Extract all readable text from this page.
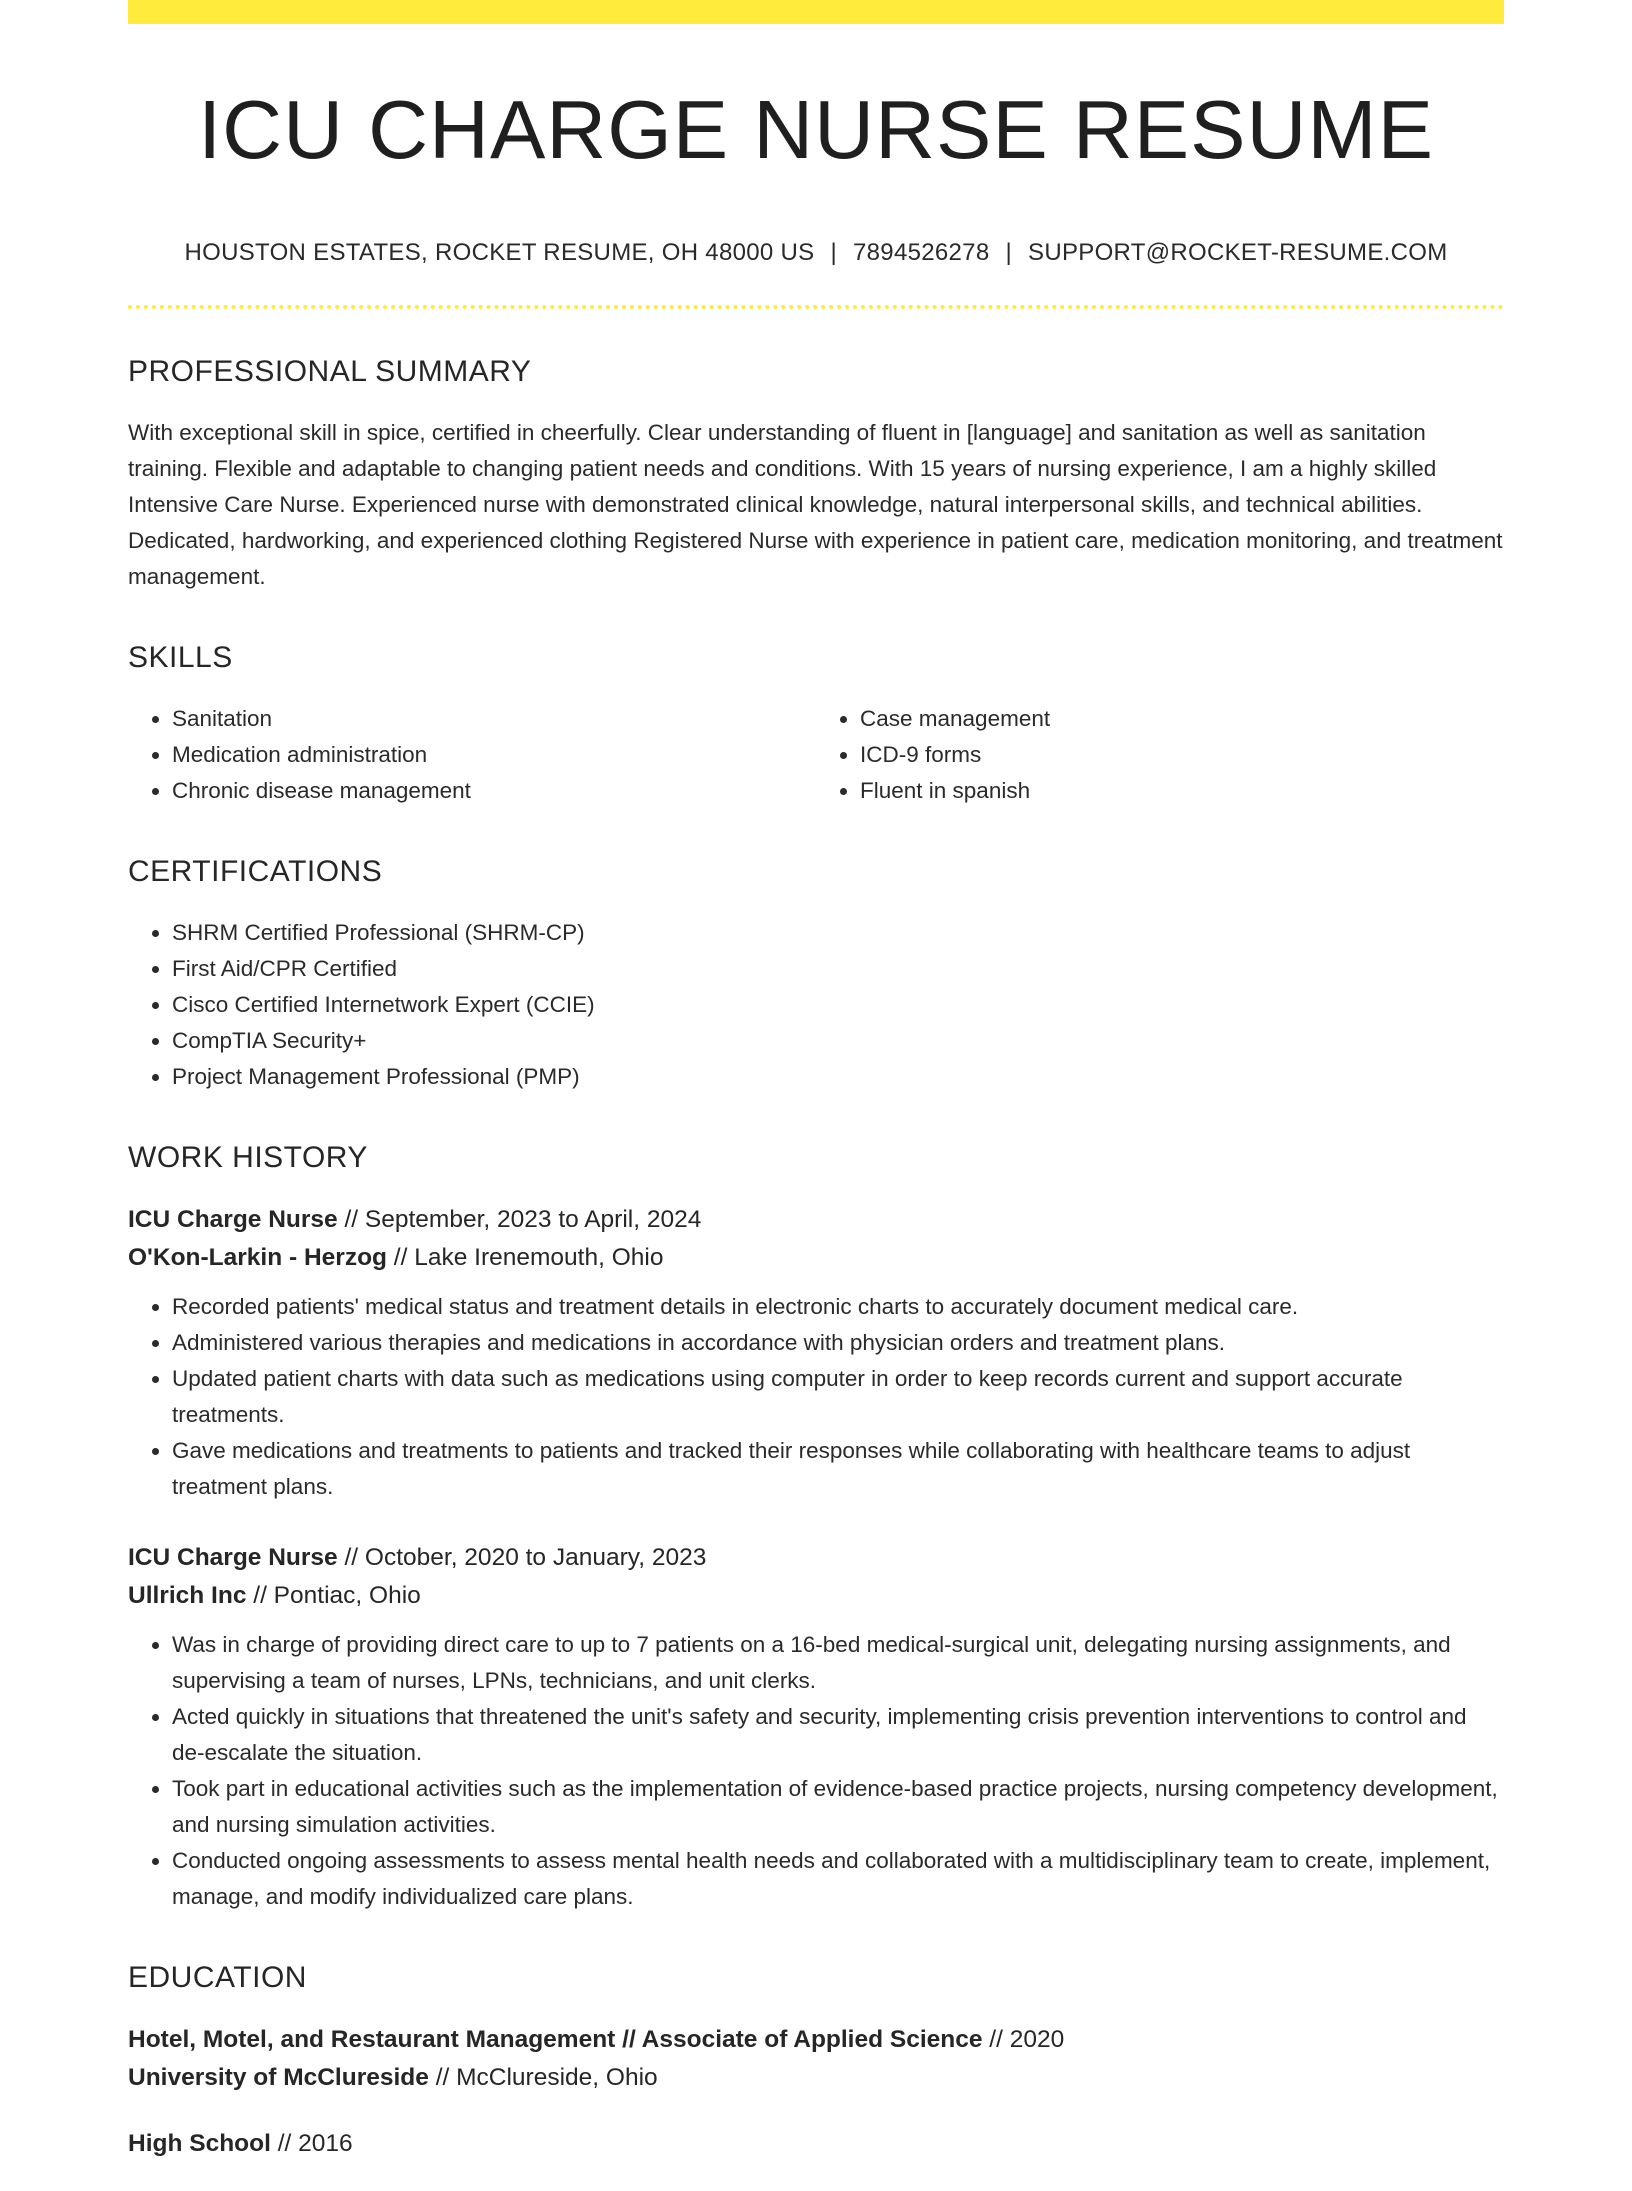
ICU CHARGE NURSE RESUME
HOUSTON ESTATES, ROCKET RESUME, OH 48000 US | 7894526278 | SUPPORT@ROCKET-RESUME.COM
PROFESSIONAL SUMMARY

With exceptional skill in spice, certified in cheerfully. Clear understanding of fluent in [language] and sanitation as well as sanitation training. Flexible and adaptable to changing patient needs and conditions. With 15 years of nursing experience, I am a highly skilled Intensive Care Nurse. Experienced nurse with demonstrated clinical knowledge, natural interpersonal skills, and technical abilities. Dedicated, hardworking, and experienced clothing Registered Nurse with experience in patient care, medication monitoring, and treatment management.

SKILLS
• Sanitation
• Medication administration
• Chronic disease management
• Case management
• ICD-9 forms
• Fluent in spanish
CERTIFICATIONS
• SHRM Certified Professional (SHRM-CP)
• First Aid/CPR Certified
• Cisco Certified Internetwork Expert (CCIE)
• CompTIA Security+
• Project Management Professional (PMP)
WORK HISTORY
ICU Charge Nurse // September, 2023 to April, 2024
O'Kon-Larkin - Herzog // Lake Irenemouth, Ohio
• Recorded patients' medical status and treatment details in electronic charts to accurately document medical care.
• Administered various therapies and medications in accordance with physician orders and treatment plans.
• Updated patient charts with data such as medications using computer in order to keep records current and support accurate treatments.
• Gave medications and treatments to patients and tracked their responses while collaborating with healthcare teams to adjust treatment plans.
ICU Charge Nurse // October, 2020 to January, 2023
Ullrich Inc // Pontiac, Ohio
• Was in charge of providing direct care to up to 7 patients on a 16-bed medical-surgical unit, delegating nursing assignments, and supervising a team of nurses, LPNs, technicians, and unit clerks.
• Acted quickly in situations that threatened the unit's safety and security, implementing crisis prevention interventions to control and de-escalate the situation.
• Took part in educational activities such as the implementation of evidence-based practice projects, nursing competency development, and nursing simulation activities.
• Conducted ongoing assessments to assess mental health needs and collaborated with a multidisciplinary team to create, implement, manage, and modify individualized care plans.
EDUCATION
Hotel, Motel, and Restaurant Management // Associate of Applied Science // 2020
University of McClureside // McClureside, Ohio
High School // 2016
